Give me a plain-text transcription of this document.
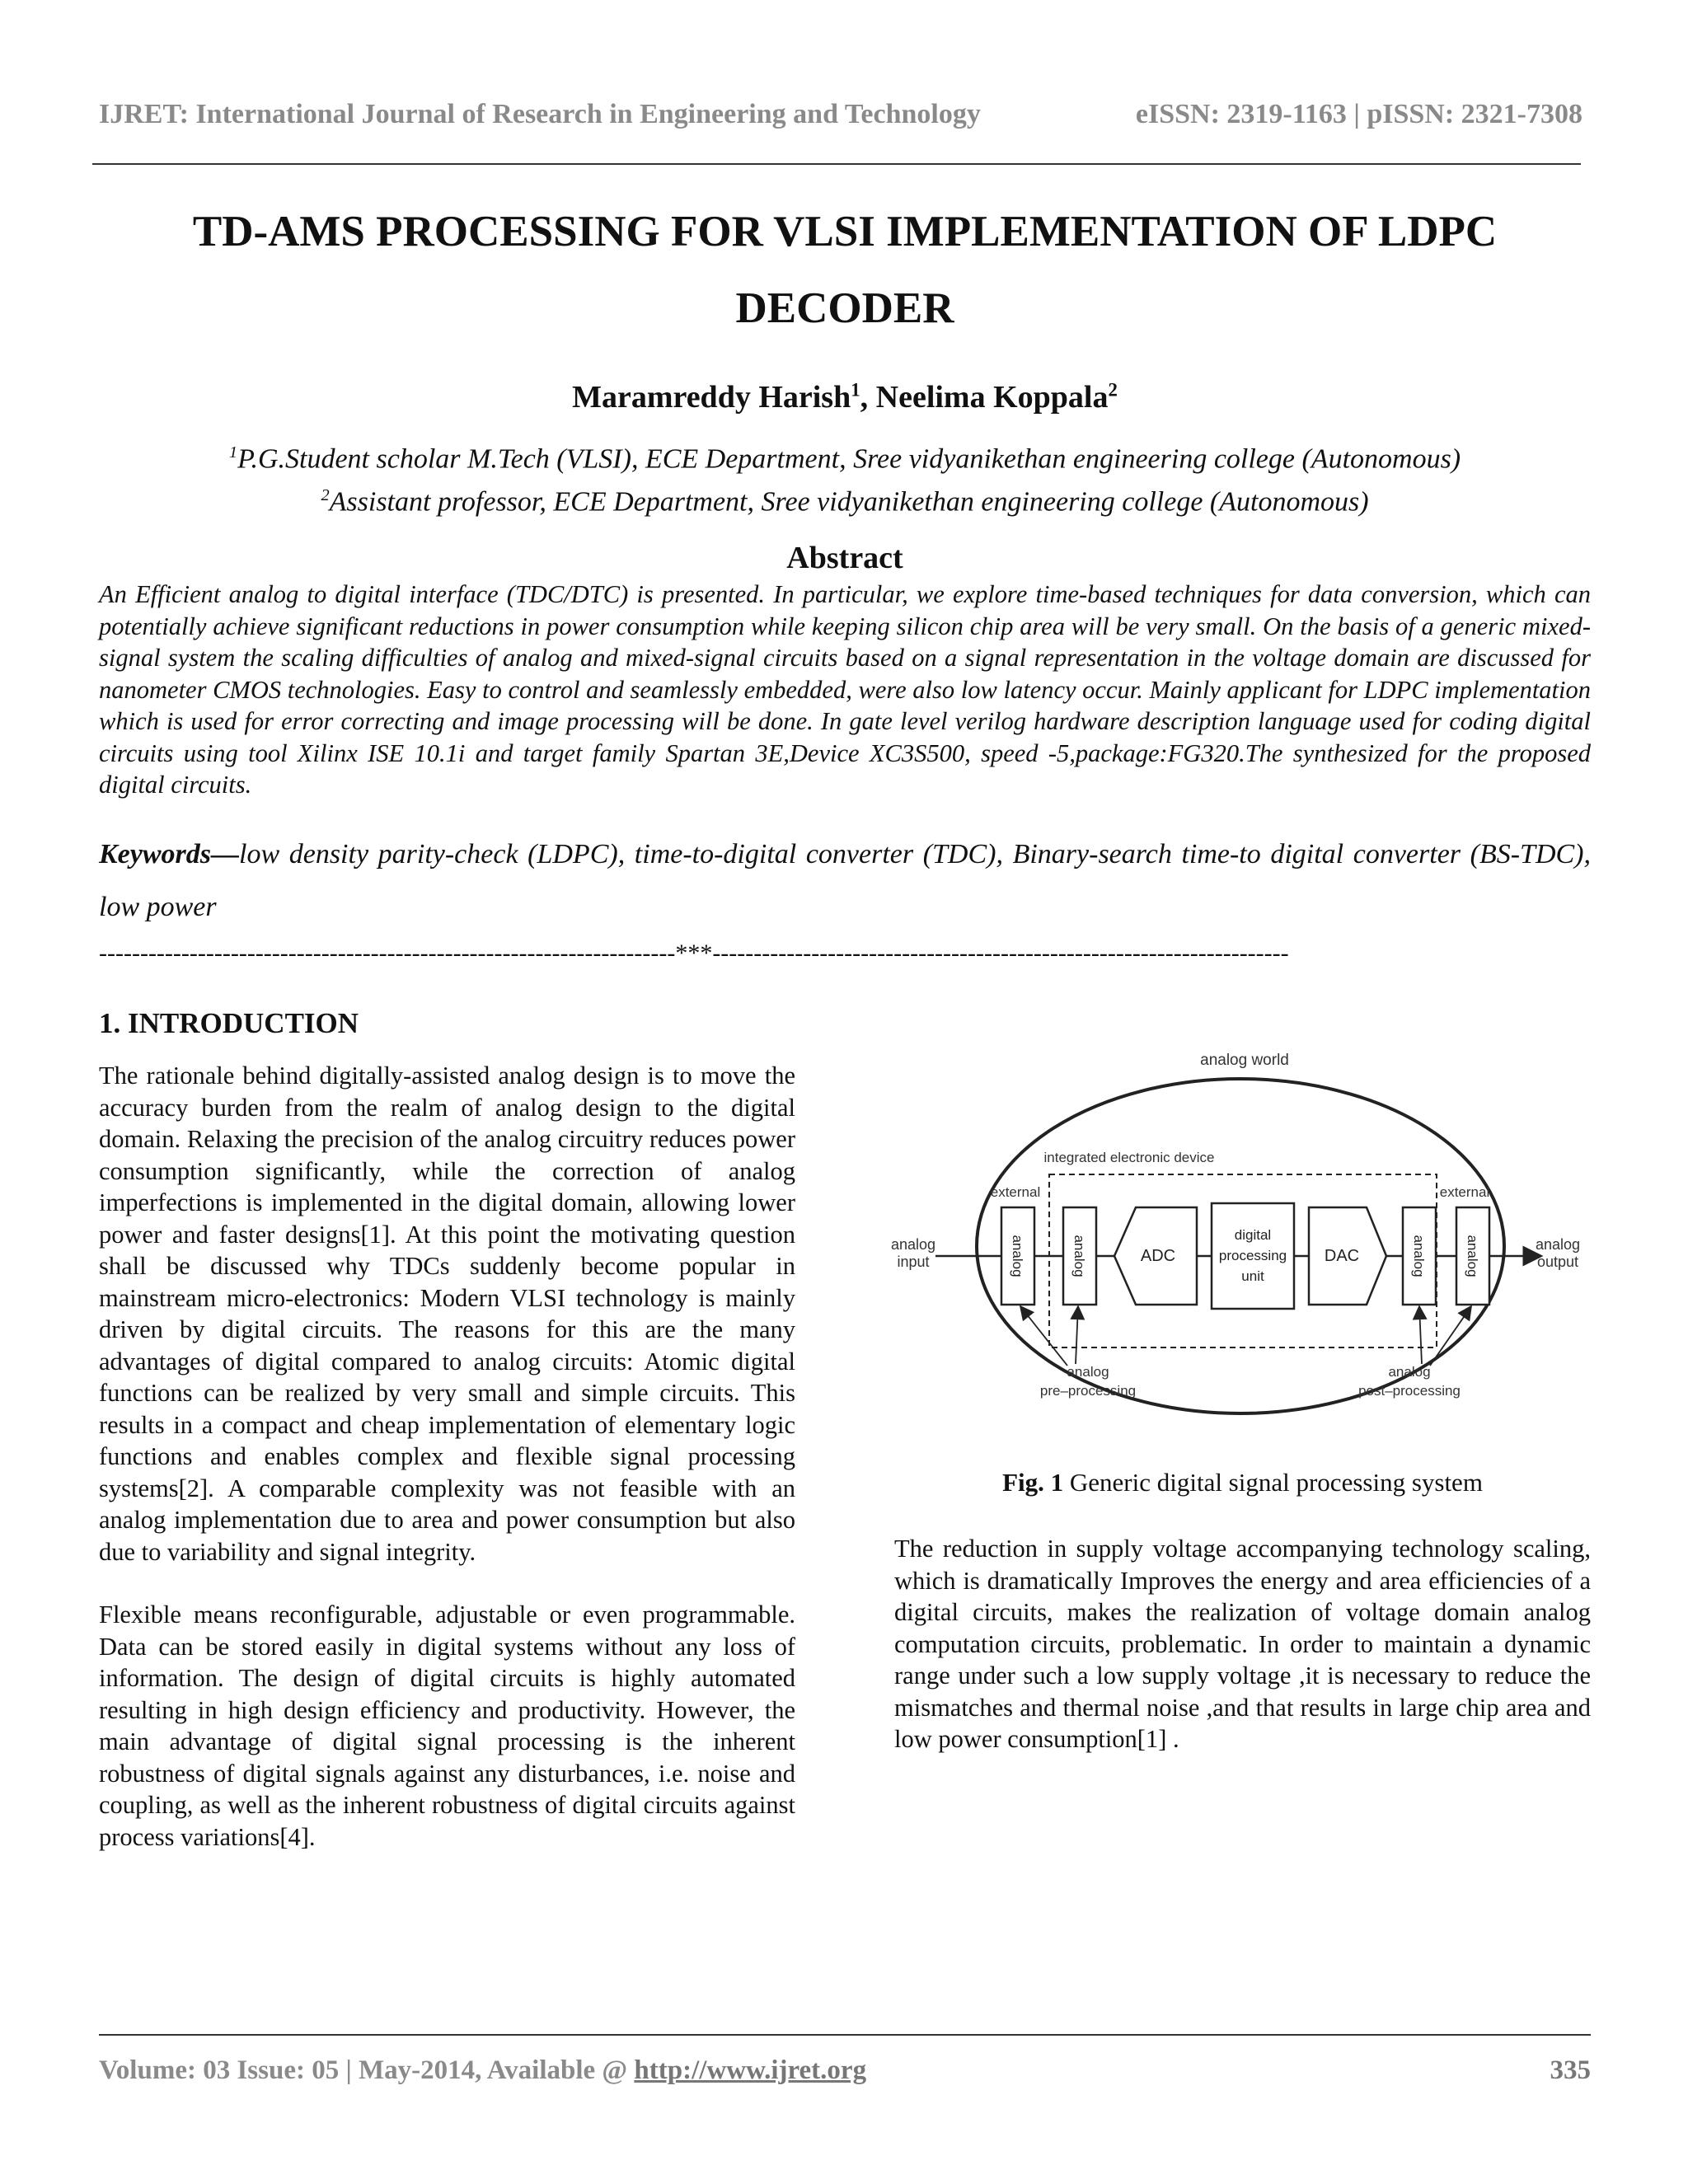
IJRET: International Journal of Research in Engineering and Technology	eISSN: 2319-1163 | pISSN: 2321-7308
TD-AMS PROCESSING FOR VLSI IMPLEMENTATION OF LDPC
DECODER
Maramreddy Harish$^1$, Neelima Koppala$^2$
$^1$P.G.Student scholar M.Tech (VLSI), ECE Department, Sree vidyanikethan engineering college (Autonomous)
$^2$Assistant professor, ECE Department, Sree vidyanikethan engineering college (Autonomous)
Abstract
An Efficient analog to digital interface (TDC/DTC) is presented. In particular, we explore time-based techniques for data conversion, which can potentially achieve significant reductions in power consumption while keeping silicon chip area will be very small. On the basis of a generic mixed-signal system the scaling difficulties of analog and mixed-signal circuits based on a signal representation in the voltage domain are discussed for nanometer CMOS technologies. Easy to control and seamlessly embedded, were also low latency occur. Mainly applicant for LDPC implementation which is used for error correcting and image processing will be done. In gate level verilog hardware description language used for coding digital circuits using tool Xilinx ISE 10.1i and target family Spartan 3E,Device XC3S500, speed -5,package:FG320.The synthesized for the proposed digital circuits.
Keywords—low density parity-check (LDPC), time-to-digital converter (TDC), Binary-search time-to digital converter (BS-TDC), low power
----------------------------------------------------------------------***----------------------------------------------------------------------
1. INTRODUCTION

The rationale behind digitally-assisted analog design is to move the accuracy burden from the realm of analog design to the digital domain. Relaxing the precision of the analog circuitry reduces power consumption significantly, while the correction of analog imperfections is implemented in the digital domain, allowing lower power and faster designs[1]. At this point the motivating question shall be discussed why TDCs suddenly become popular in mainstream micro-electronics: Modern VLSI technology is mainly driven by digital circuits. The reasons for this are the many advantages of digital compared to analog circuits: Atomic digital functions can be realized by very small and simple circuits. This results in a compact and cheap implementation of elementary logic functions and enables complex and flexible signal processing systems[2]. A comparable complexity was not feasible with an analog implementation due to area and power consumption but also due to variability and signal integrity.

Flexible means reconfigurable, adjustable or even programmable. Data can be stored easily in digital systems without any loss of information. The design of digital circuits is highly automated resulting in high design efficiency and productivity. However, the main advantage of digital signal processing is the inherent robustness of digital signals against any disturbances, i.e. noise and coupling, as well as the inherent robustness of digital circuits against process variations[4].

analog world
integrated electronic device
external	external
analog
input
analog
output
analog	analog	ADC
digital
processing
unit
DAC	analog	analog
analog
pre–processing
analog
post–processing
Fig. 1 Generic digital signal processing system

The reduction in supply voltage accompanying technology scaling, which is dramatically Improves the energy and area efficiencies of a digital circuits, makes the realization of voltage domain analog computation circuits, problematic. In order to maintain a dynamic range under such a low supply voltage ,it is necessary to reduce the mismatches and thermal noise ,and that results in large chip area and low power consumption[1] .

Volume: 03 Issue: 05 | May-2014, Available @ http://www.ijret.org	335
